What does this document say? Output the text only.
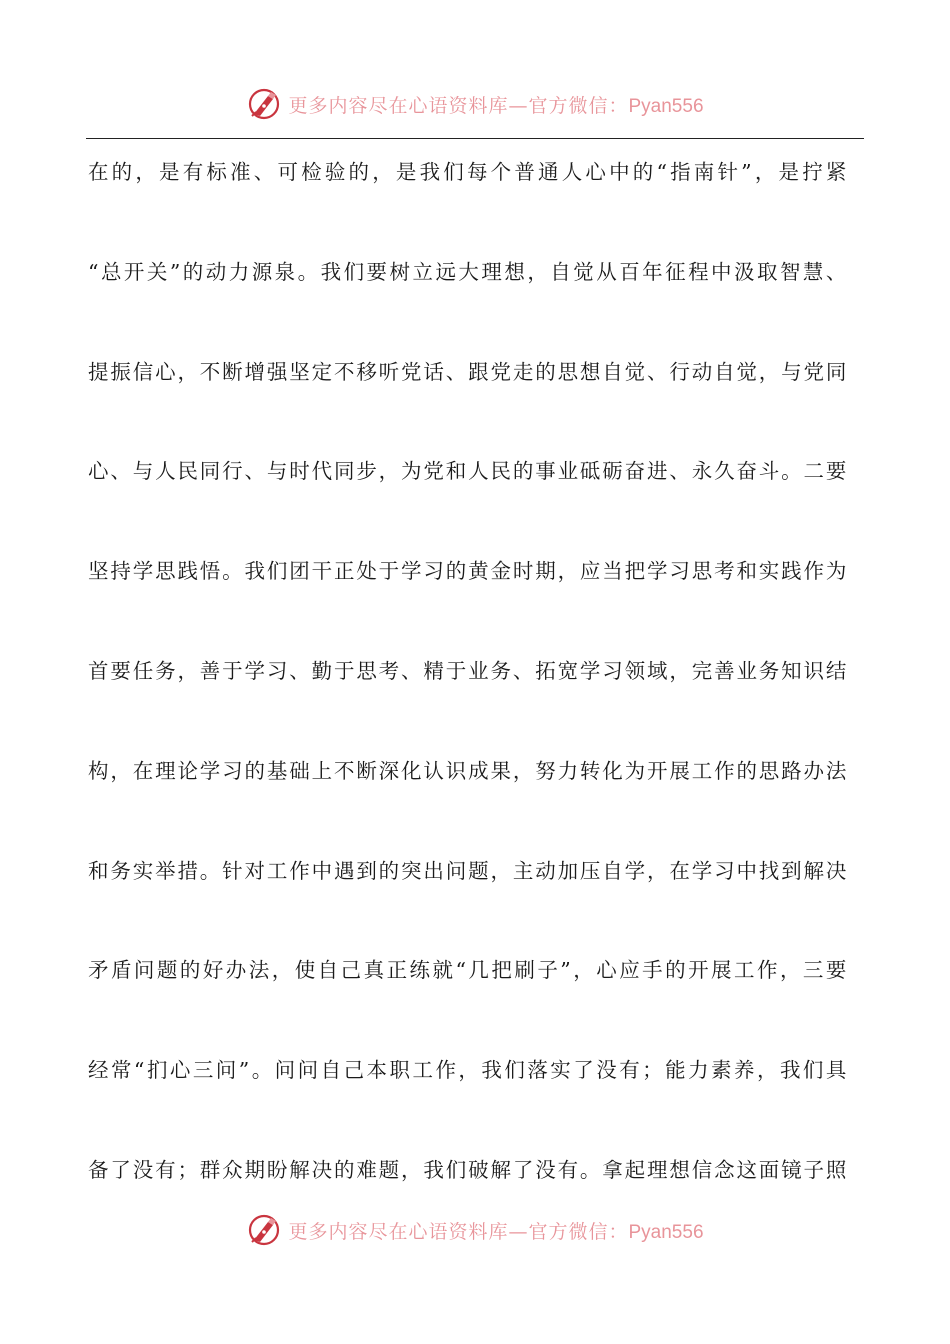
更多内容尽在心语资料库—官方微信：Pyan556
在的，是有标准、可检验的，是我们每个普通人心中的“指南针”，是拧紧
“总开关”的动力源泉。我们要树立远大理想，自觉从百年征程中汲取智慧、
提振信心，不断增强坚定不移听党话、跟党走的思想自觉、行动自觉，与党同
心、与人民同行、与时代同步，为党和人民的事业砥砺奋进、永久奋斗。二要
坚持学思践悟。我们团干正处于学习的黄金时期，应当把学习思考和实践作为
首要任务，善于学习、勤于思考、精于业务、拓宽学习领域，完善业务知识结
构，在理论学习的基础上不断深化认识成果，努力转化为开展工作的思路办法
和务实举措。针对工作中遇到的突出问题，主动加压自学，在学习中找到解决
矛盾问题的好办法，使自己真正练就“几把刷子”，心应手的开展工作，三要
经常“扪心三问”。问问自己本职工作，我们落实了没有；能力素养，我们具
备了没有；群众期盼解决的难题，我们破解了没有。拿起理想信念这面镜子照
更多内容尽在心语资料库—官方微信：Pyan556
